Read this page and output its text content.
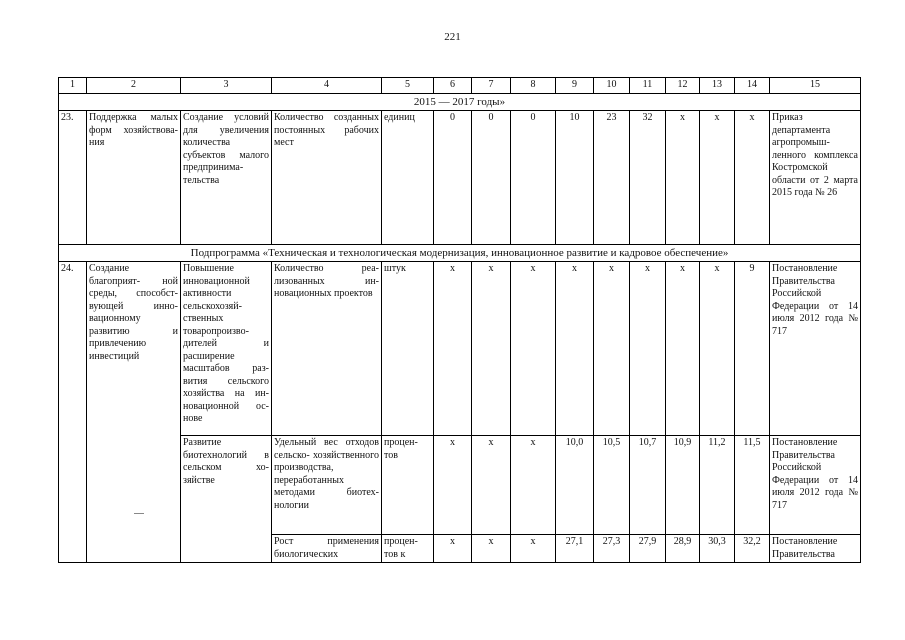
221
1	2	3	4	5	6	7	8	9	10	11	12	13	14	15
2015 — 2017 годы»														
23.	Поддержка малых форм хозяйствова- ния	Создание условий для увеличения количества субъектов малого предпринима- тельства	Количество созданных постоянных рабочих мест	единиц	0	0	0	10	23	32	х	х	х	Приказ департамента агропромыш- ленного комплекса Костромской области от 2 марта 2015 года № 26
Подпрограмма «Техническая и технологическая модернизация, инновационное развитие и кадровое обеспечение»														
24.	Создание благоприят- ной среды, способст- вующей инно- вационному развитию и привлечению инвестиций	Повышение инновационной активности сельскохозяй- ственных товаропроизво- дителей и расширение масштабов раз- вития сельского хозяйства на ин- новационной ос- нове	Количество реа- лизованных ин- новационных проектов	штук	х	х	х	х	х	х	х	х	9	Постановление Правительства Российской Федерации от 14 июля 2012 года № 717
		Развитие биотехнологий в сельском хо- зяйстве	Удельный вес отходов сельско- хозяйственного производства, переработанных методами биотех- нологии	процен- тов	х	х	х	10,0	10,5	10,7	10,9	11,2	11,5	Постановление Правительства Российской Федерации от 14 июля 2012 года № 717
			Рост применения биологических	процен- тов к	х	х	х	27,1	27,3	27,9	28,9	30,3	32,2	Постановление Правительства
